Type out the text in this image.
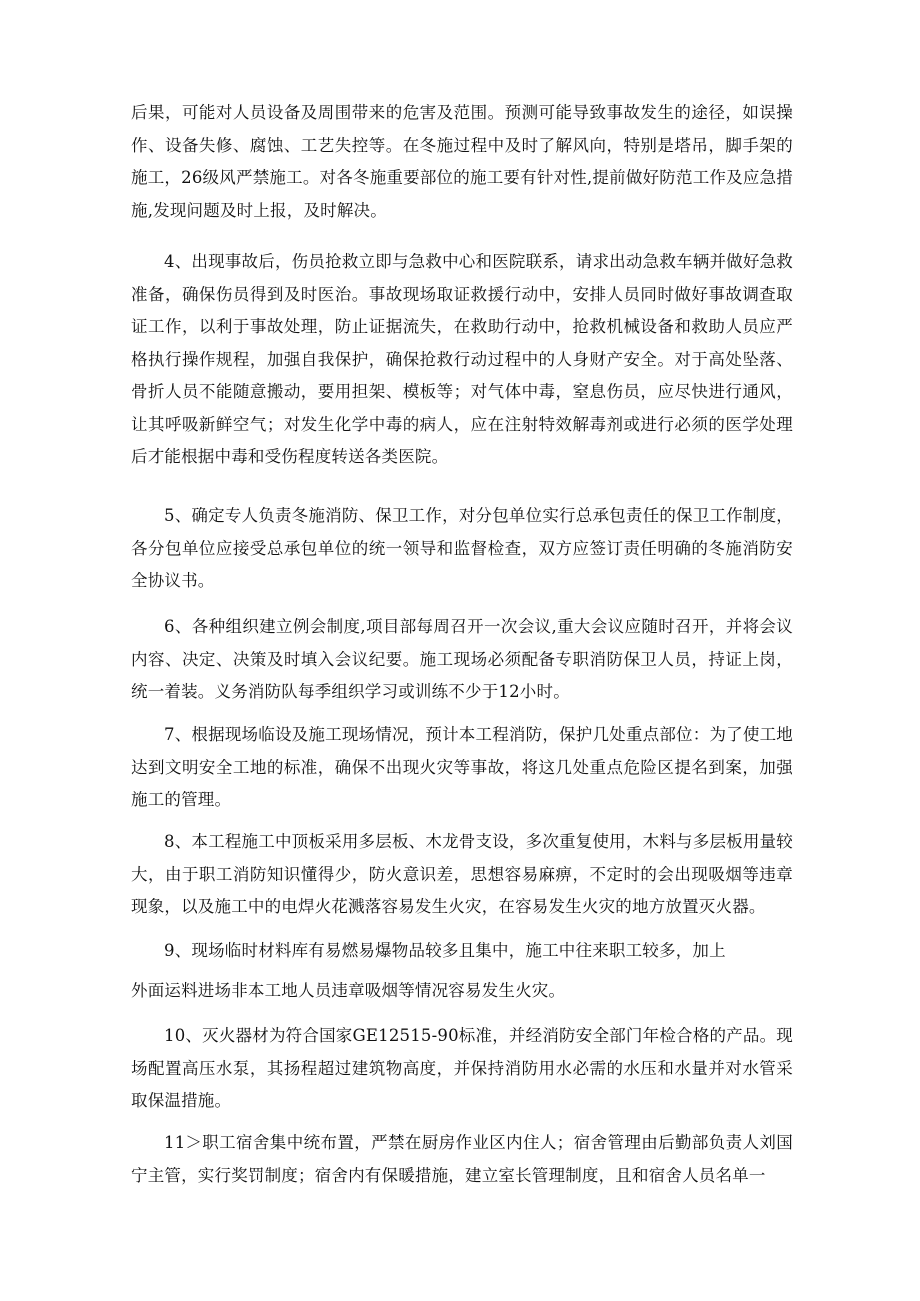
后果，可能对人员设备及周围带来的危害及范围。预测可能导致事故发生的途径，如误操作、设备失修、腐蚀、工艺失控等。在冬施过程中及时了解风向，特别是塔吊，脚手架的施工，26级风严禁施工。对各冬施重要部位的施工要有针对性,提前做好防范工作及应急措施,发现问题及时上报，及时解决。

4、出现事故后，伤员抢救立即与急救中心和医院联系，请求出动急救车辆并做好急救准备，确保伤员得到及时医治。事故现场取证救援行动中，安排人员同时做好事故调查取证工作，以利于事故处理，防止证据流失，在救助行动中，抢救机械设备和救助人员应严格执行操作规程，加强自我保护，确保抢救行动过程中的人身财产安全。对于高处坠落、骨折人员不能随意搬动，要用担架、模板等；对气体中毒，窒息伤员，应尽快进行通风，让其呼吸新鲜空气；对发生化学中毒的病人，应在注射特效解毒剂或进行必须的医学处理后才能根据中毒和受伤程度转送各类医院。

5、确定专人负责冬施消防、保卫工作，对分包单位实行总承包责任的保卫工作制度，各分包单位应接受总承包单位的统一领导和监督检查，双方应签订责任明确的冬施消防安全协议书。

6、各种组织建立例会制度,项目部每周召开一次会议,重大会议应随时召开，并将会议内容、决定、决策及时填入会议纪要。施工现场必须配备专职消防保卫人员，持证上岗，统一着装。义务消防队每季组织学习或训练不少于12小时。

7、根据现场临设及施工现场情况，预计本工程消防，保护几处重点部位：为了使工地达到文明安全工地的标准，确保不出现火灾等事故，将这几处重点危险区提名到案，加强施工的管理。

8、本工程施工中顶板采用多层板、木龙骨支设，多次重复使用，木料与多层板用量较大，由于职工消防知识懂得少，防火意识差，思想容易麻痹，不定时的会出现吸烟等违章现象，以及施工中的电焊火花溅落容易发生火灾，在容易发生火灾的地方放置灭火器。

9、现场临时材料库有易燃易爆物品较多且集中，施工中往来职工较多，加上

外面运料进场非本工地人员违章吸烟等情况容易发生火灾。

10、灭火器材为符合国家GE12515-90标准，并经消防安全部门年检合格的产品。现场配置高压水泵，其扬程超过建筑物高度，并保持消防用水必需的水压和水量并对水管采取保温措施。

11＞职工宿舍集中统布置，严禁在厨房作业区内住人；宿舍管理由后勤部负责人刘国宁主管，实行奖罚制度；宿舍内有保暖措施，建立室长管理制度，且和宿舍人员名单一
